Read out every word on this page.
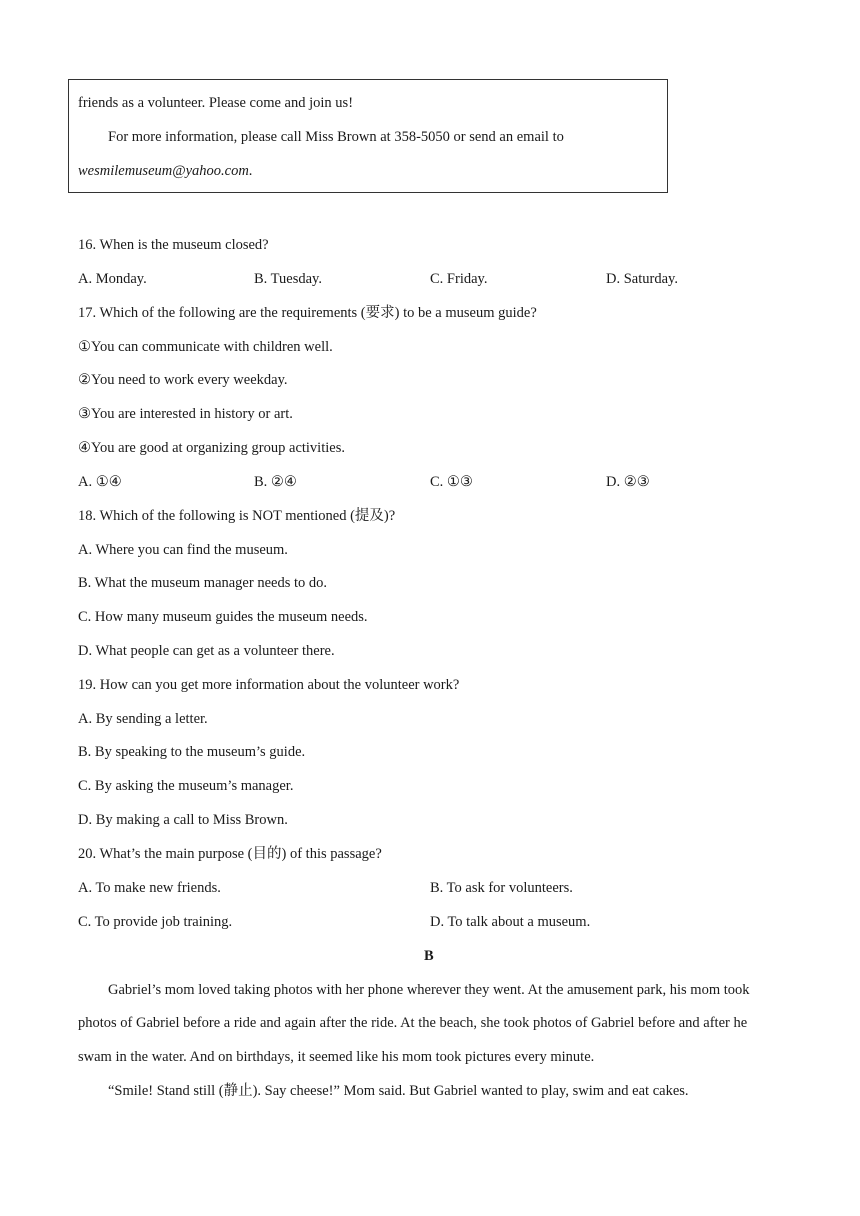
friends as a volunteer. Please come and join us!
For more information, please call Miss Brown at 358-5050 or send an email to
wesmilemuseum@yahoo.com.
16. When is the museum closed?
A. Monday.	B. Tuesday.	C. Friday.	D. Saturday.
17. Which of the following are the requirements (要求) to be a museum guide?
①You can communicate with children well.
②You need to work every weekday.
③You are interested in history or art.
④You are good at organizing group activities.
A. ①④	B. ②④	C. ①③	D. ②③
18. Which of the following is NOT mentioned (提及)?
A. Where you can find the museum.
B. What the museum manager needs to do.
C. How many museum guides the museum needs.
D. What people can get as a volunteer there.
19. How can you get more information about the volunteer work?
A. By sending a letter.
B. By speaking to the museum’s guide.
C. By asking the museum’s manager.
D. By making a call to Miss Brown.
20. What’s the main purpose (目的) of this passage?
A. To make new friends.	B. To ask for volunteers.
C. To provide job training.	D. To talk about a museum.
B
Gabriel’s mom loved taking photos with her phone wherever they went. At the amusement park, his mom took
photos of Gabriel before a ride and again after the ride. At the beach, she took photos of Gabriel before and after he
swam in the water. And on birthdays, it seemed like his mom took pictures every minute.
“Smile! Stand still (静止). Say cheese!” Mom said. But Gabriel wanted to play, swim and eat cakes.
